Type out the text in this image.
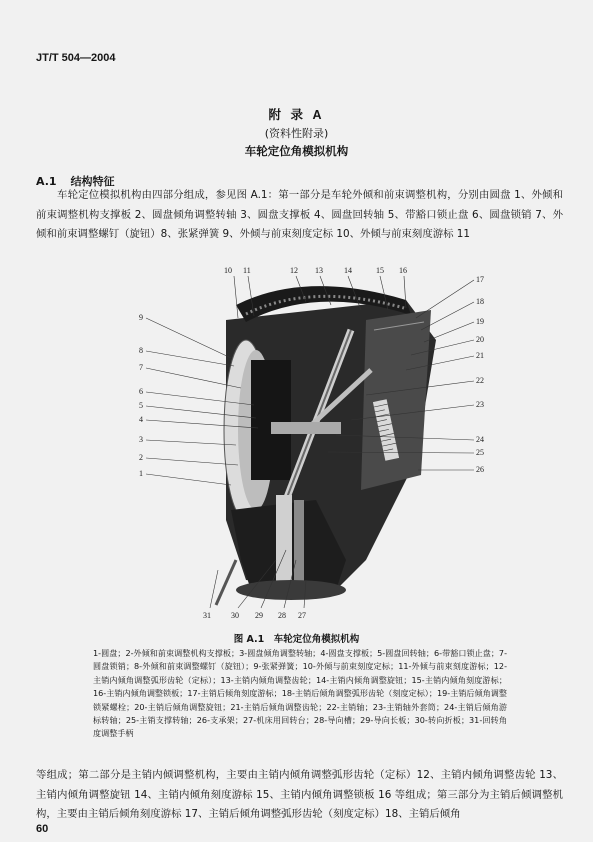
JT/T 504—2004
附 录 A
(资料性附录)
车轮定位角模拟机构
A.1 结构特征
车轮定位模拟机构由四部分组成，参见图 A.1：第一部分是车轮外倾和前束调整机构，分别由圆盘 1、外倾和前束调整机构支撑板 2、圆盘倾角调整转轴 3、圆盘支撑板 4、圆盘回转轴 5、带豁口锁止盘 6、圆盘锁销 7、外倾和前束调整螺钉（旋钮）8、张紧弹簧 9、外倾与前束刻度定标 10、外倾与前束刻度游标 11
10 11	12 13	14	15 16
9
8
7
6
5
4
3
2
1
17
18
19
20
21
22
23
24
25
26
31	30 29 28 27
图 A.1　车轮定位角模拟机构
1-圆盘；2-外倾和前束调整机构支撑板；3-圆盘倾角调整转轴；4-圆盘支撑板；5-圆盘回转轴；6-带豁口锁止盘；7-圆盘锁销；8-外倾和前束调整螺钉（旋钮）；9-张紧弹簧；10-外倾与前束刻度定标；11-外倾与前束刻度游标；12-主销内倾角调整弧形齿轮（定标）；13-主销内倾角调整齿轮；14-主销内倾角调整旋钮；15-主销内倾角刻度游标；16-主销内倾角调整锁板；17-主销后倾角刻度游标；18-主销后倾角调整弧形齿轮（刻度定标）；19-主销后倾角调整锁紧螺栓；20-主销后倾角调整旋钮；21-主销后倾角调整齿轮；22-主销轴；23-主销轴外套筒；24-主销后倾角游标转轴；25-主销支撑转轴；26-支承架；27-机床用回转台；28-导向槽；29-导向长板；30-转向折板；31-回转角度调整手柄
等组成；第二部分是主销内倾调整机构，主要由主销内倾角调整弧形齿轮（定标）12、主销内倾角调整齿轮 13、主销内倾角调整旋钮 14、主销内倾角刻度游标 15、主销内倾角调整锁板 16 等组成；第三部分为主销后倾调整机构，主要由主销后倾角刻度游标 17、主销后倾角调整弧形齿轮（刻度定标）18、主销后倾角
60
